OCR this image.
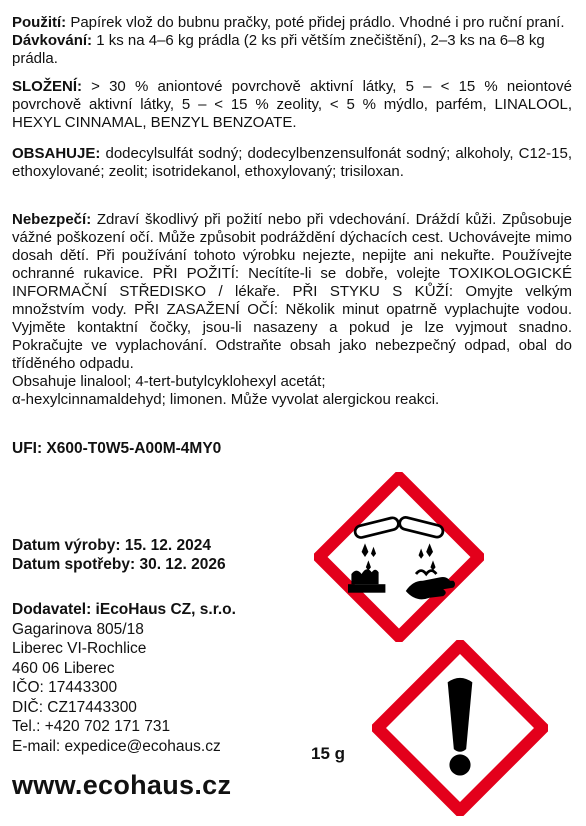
Použití: Papírek vlož do bubnu pračky, poté přidej prádlo. Vhodné i pro ruční praní. Dávkování: 1 ks na 4–6 kg prádla (2 ks při větším znečištění), 2–3 ks na 6–8 kg prádla.
SLOŽENÍ: > 30 % aniontové povrchově aktivní látky, 5 – < 15 % neiontové povrchově aktivní látky, 5 – < 15 % zeolity, < 5 % mýdlo, parfém, LINALOOL, HEXYL CINNAMAL, BENZYL BENZOATE.
OBSAHUJE: dodecylsulfát sodný; dodecylbenzensulfonát sodný; alkoholy, C12-15, ethoxylované; zeolit; isotridekanol, ethoxylovaný; trisiloxan.
Nebezpečí: Zdraví škodlivý při požití nebo při vdechování. Dráždí kůži. Způsobuje vážné poškození očí. Může způsobit podráždění dýchacích cest. Uchovávejte mimo dosah dětí. Při používání tohoto výrobku nejezte, nepijte ani nekuřte. Používejte ochranné rukavice. PŘI POŽITÍ: Necítíte-li se dobře, volejte TOXIKOLOGICKÉ INFORMAČNÍ STŘEDISKO / lékaře. PŘI STYKU S KŮŽÍ: Omyjte velkým množstvím vody. PŘI ZASAŽENÍ OČÍ: Několik minut opatrně vyplachujte vodou. Vyjměte kontaktní čočky, jsou-li nasazeny a pokud je lze vyjmout snadno. Pokračujte ve vyplachování. Odstraňte obsah jako nebezpečný odpad, obal do tříděného odpadu.
Obsahuje linalool; 4-tert-butylcyklohexyl acetát;
α-hexylcinnamaldehyd; limonen. Může vyvolat alergickou reakci.
UFI: X600-T0W5-A00M-4MY0
Datum výroby: 15. 12. 2024
Datum spotřeby: 30. 12. 2026
Dodavatel: iEcoHaus CZ, s.r.o.
Gagarinova 805/18
Liberec VI-Rochlice
460 06 Liberec
IČO: 17443300
DIČ: CZ17443300
Tel.: +420 702 171 731
E-mail: expedice@ecohaus.cz	15 g
www.ecohaus.cz
